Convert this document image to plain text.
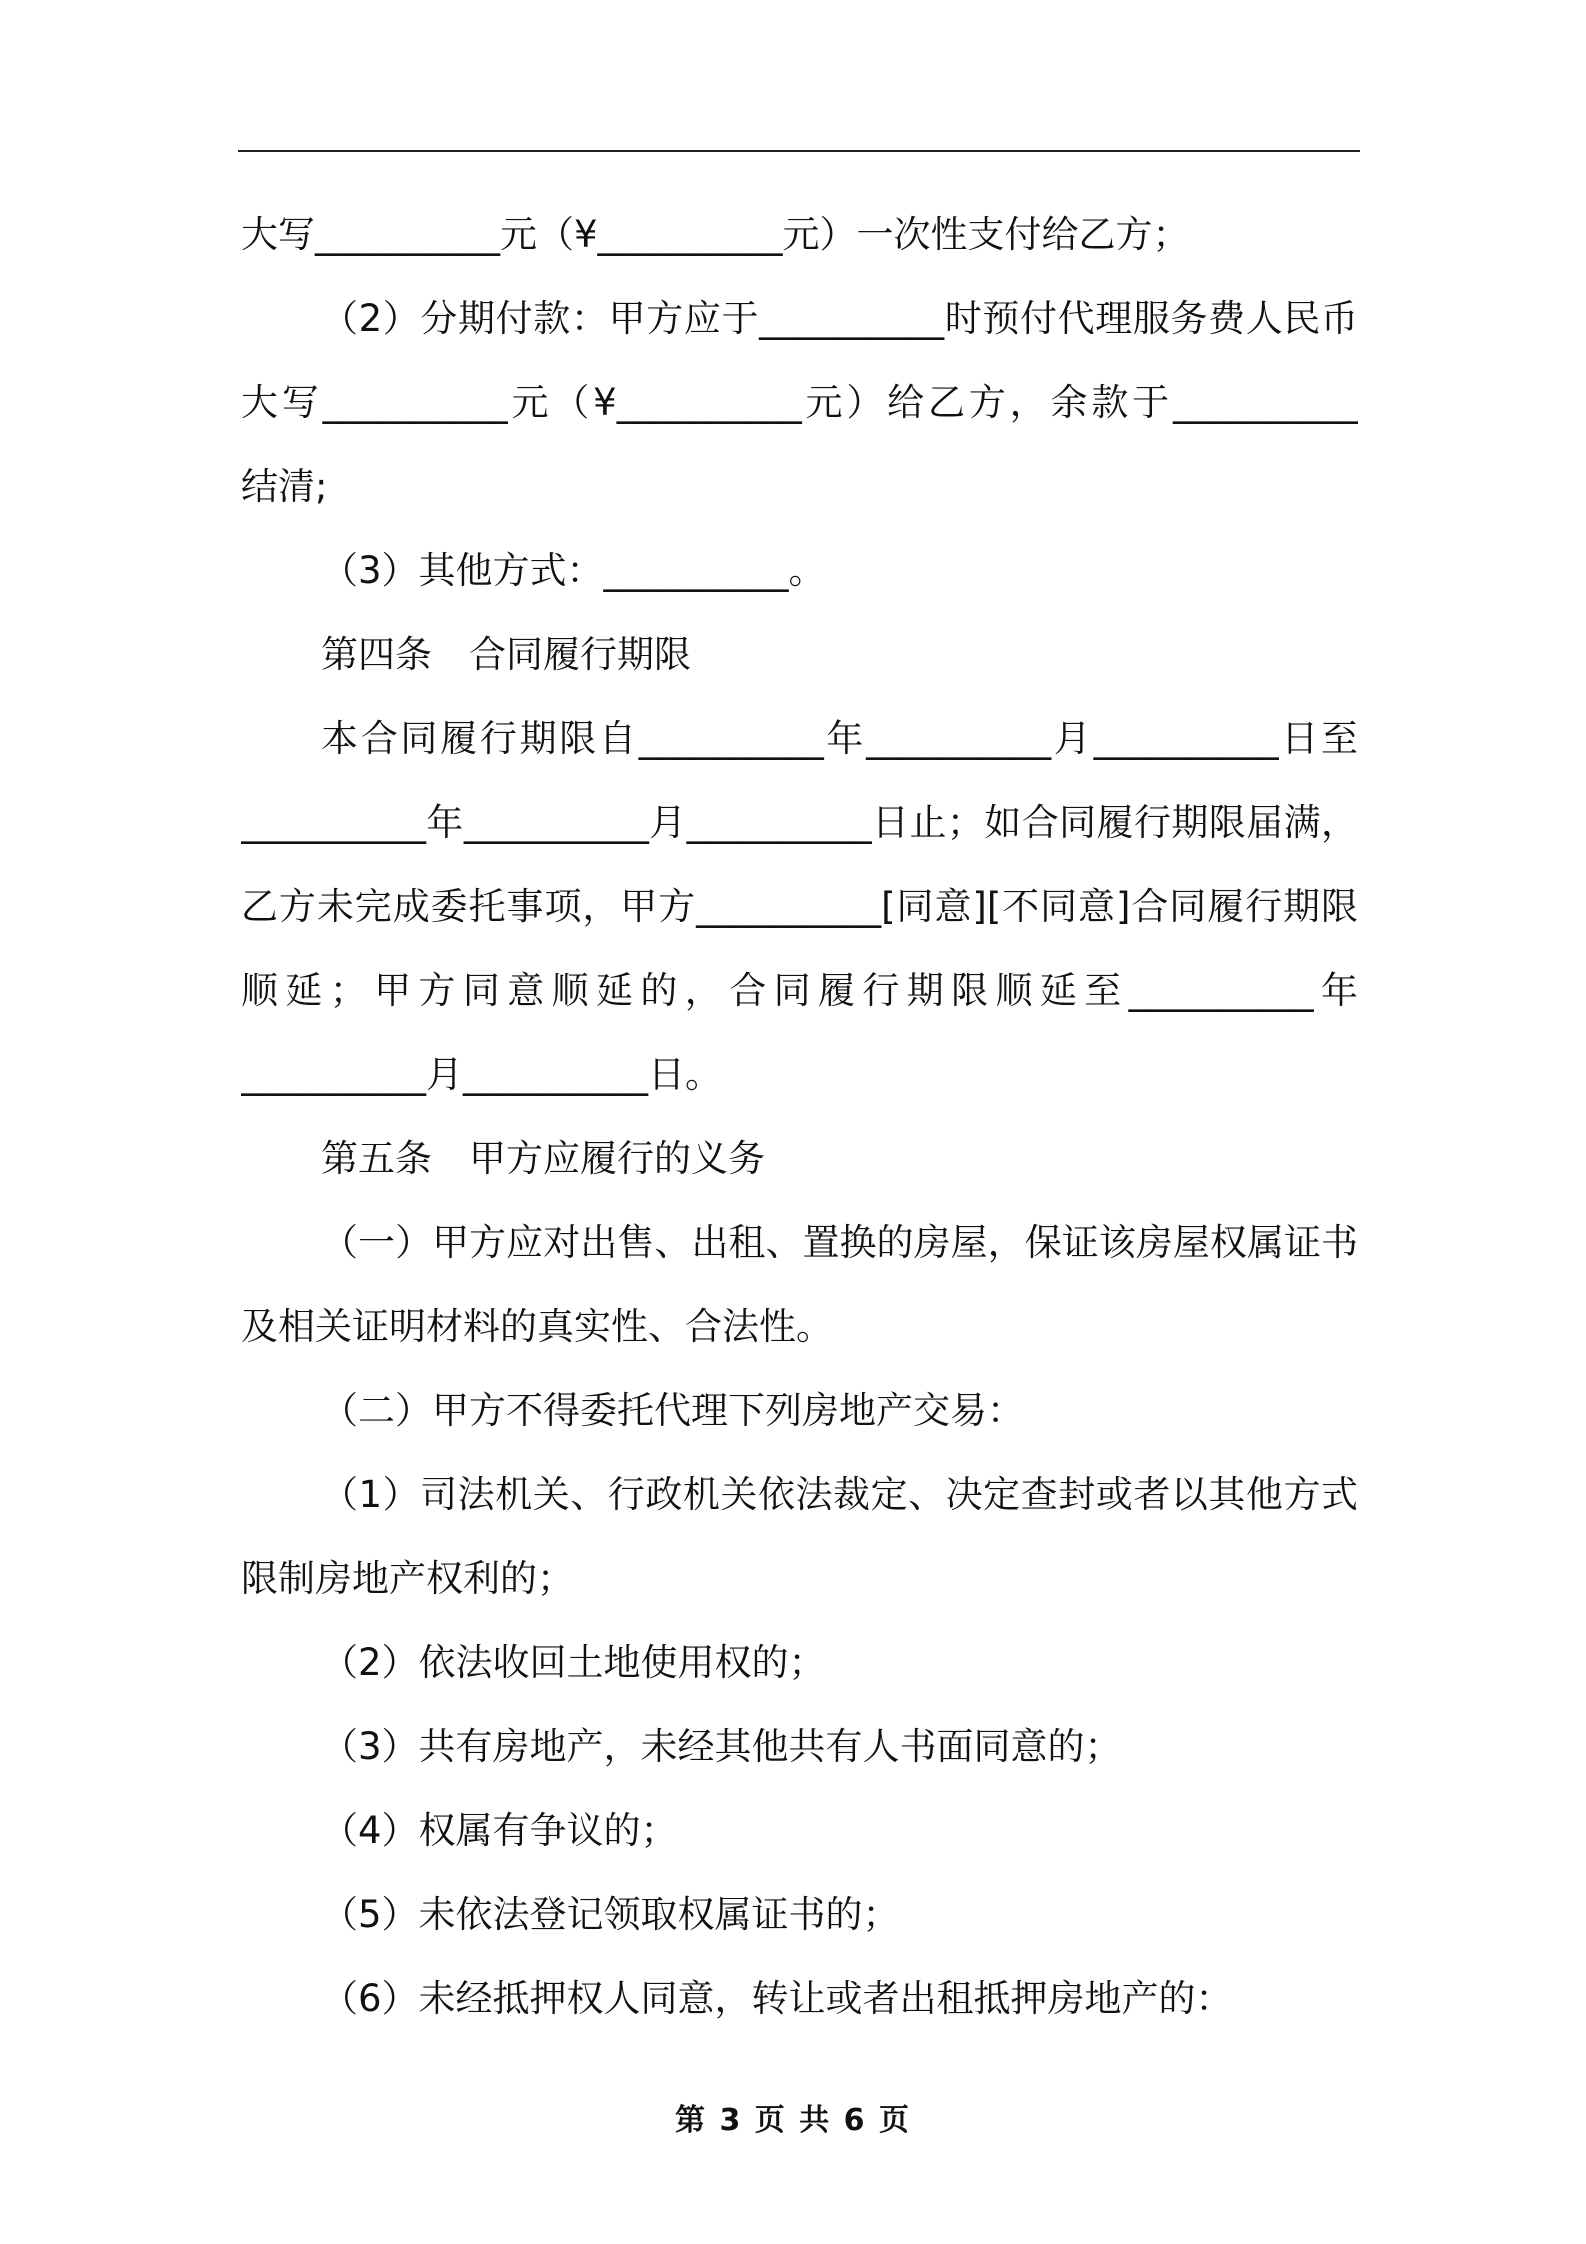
大写__________元（¥__________元）一次性支付给乙方；
（2）分期付款：甲方应于__________时预付代理服务费人民币
大写__________元（¥__________元）给乙方，余款于__________
结清;
（3）其他方式：__________。
第四条　合同履行期限
本合同履行期限自__________年__________月__________日至
__________年__________月__________日止；如合同履行期限届满，
乙方未完成委托事项，甲方__________[同意][不同意]合同履行期限
顺延；甲方同意顺延的，合同履行期限顺延至__________年
__________月__________日。
第五条　甲方应履行的义务
（一）甲方应对出售、出租、置换的房屋，保证该房屋权属证书
及相关证明材料的真实性、合法性。
（二）甲方不得委托代理下列房地产交易：
（1）司法机关、行政机关依法裁定、决定查封或者以其他方式
限制房地产权利的；
（2）依法收回土地使用权的；
（3）共有房地产，未经其他共有人书面同意的；
（4）权属有争议的；
（5）未依法登记领取权属证书的；
（6）未经抵押权人同意，转让或者出租抵押房地产的：
第 3 页 共 6 页
